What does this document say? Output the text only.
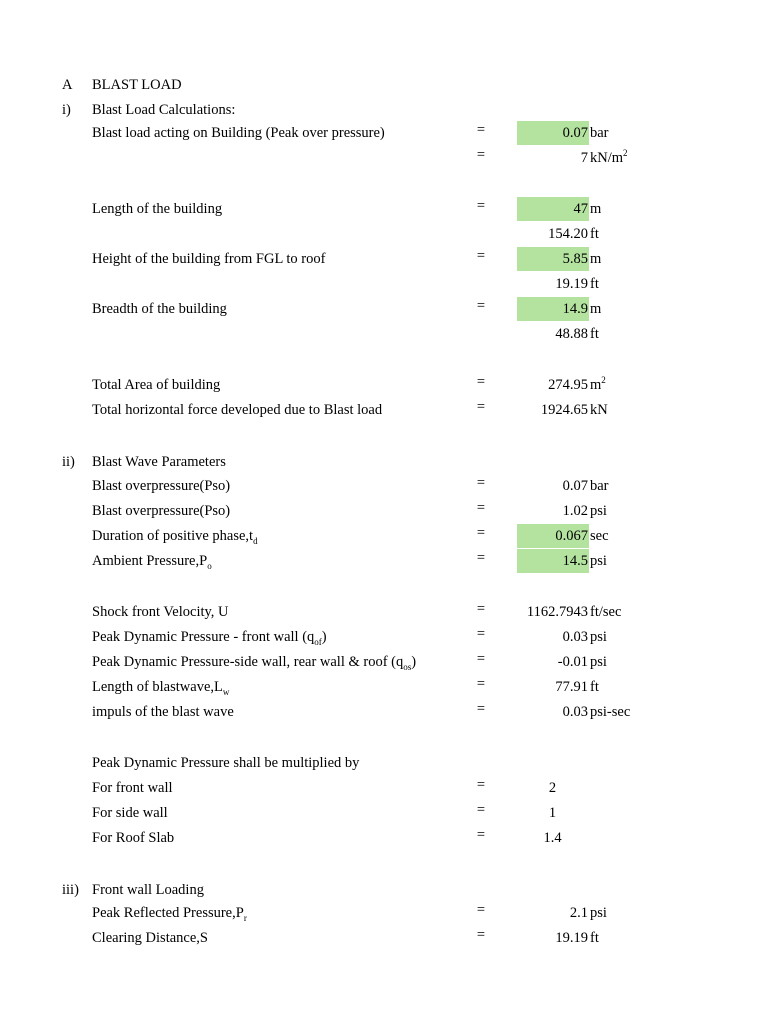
A BLAST LOAD
i) Blast Load Calculations:
Blast load acting on Building (Peak over pressure)	=	0.07 bar
=	7 $kN/m^2$
Length of the building	=	47 m
154.20 ft
Height of the building from FGL to roof	=	5.85 m
19.19 ft
Breadth of the building	=	14.9 m
48.88 ft
Total Area of building	=	274.95 $m^2$
Total horizontal force developed due to Blast load	=	1924.65 kN
ii) Blast Wave Parameters
Blast overpressure(Pso)	=	0.07 bar
Blast overpressure(Pso)	=	1.02 psi
Duration of positive $phase,t_d$	=	0.067 sec
Ambient $Pressure,P_o$	=	14.5 psi
Shock front Velocity, U	=	1162.7943 ft/sec
Peak Dynamic Pressure - front wall $(q_{of})$	=	0.03 psi
Peak Dynamic Pressure-side wall, rear wall & roof $(q_{os})$	=	-0.01 psi
Length of $blastwave,L_w$	=	77.91 ft
impuls of the blast wave	=	0.03 psi-sec
Peak Dynamic Pressure shall be multiplied by
For front wall	=	2
For side wall	=	1
For Roof Slab	=	1.4
iii) Front wall Loading
Peak Reflected $Pressure,P_r$	=	2.1 psi
Clearing Distance,S	=	19.19 ft
